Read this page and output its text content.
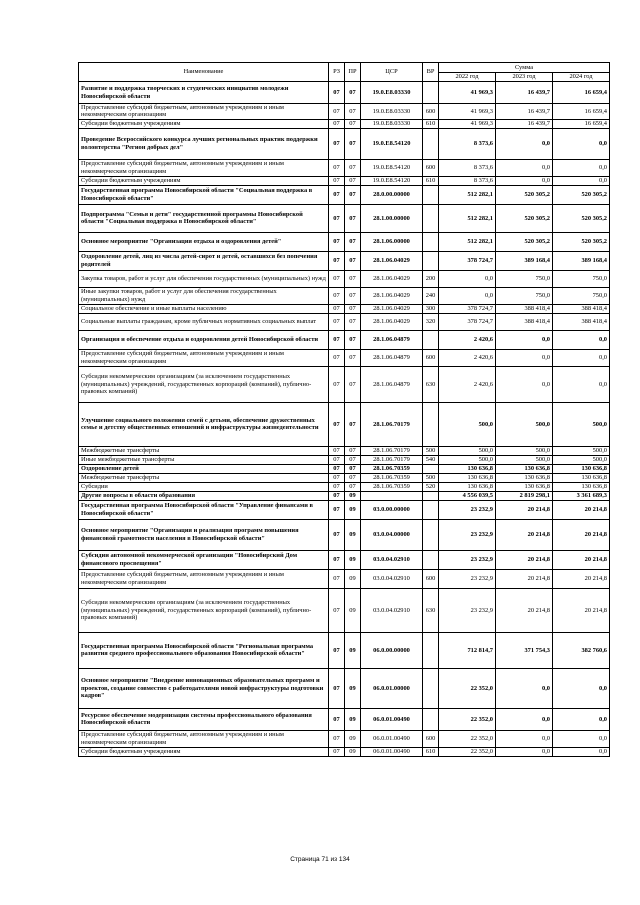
Наименование	РЗ	ПР	ЦСР	ВР	Сумма		
					2022 год	2023 год	2024 год
Развитие и поддержка творческих и студенческих инициатив молодежи Новосибирской области	07	07	19.0.E8.03330		41 969,3	16 439,7	16 659,4
Предоставление субсидий бюджетным, автономным учреждениям и иным некоммерческим организациям	07	07	19.0.E8.03330	600	41 969,3	16 439,7	16 659,4
Субсидии бюджетным учреждениям	07	07	19.0.E8.03330	610	41 969,3	16 439,7	16 659,4
Проведение Всероссийского конкурса лучших региональных практик поддержки волонтерства "Регион добрых дел"	07	07	19.0.E8.54120		8 373,6	0,0	0,0
Предоставление субсидий бюджетным, автономным учреждениям и иным некоммерческим организациям	07	07	19.0.E8.54120	600	8 373,6	0,0	0,0
Субсидии бюджетным учреждениям	07	07	19.0.E8.54120	610	8 373,6	0,0	0,0
Государственная программа Новосибирской области "Социальная поддержка в Новосибирской области"	07	07	28.0.00.00000		512 282,1	520 305,2	520 305,2
Подпрограмма "Семья и дети" государственной программы Новосибирской области "Социальная поддержка в Новосибирской области"	07	07	28.1.00.00000		512 282,1	520 305,2	520 305,2
Основное мероприятие "Организация отдыха и оздоровления детей"	07	07	28.1.06.00000		512 282,1	520 305,2	520 305,2
Оздоровление детей, лиц из числа детей-сирот и детей, оставшихся без попечения родителей	07	07	28.1.06.04029		378 724,7	389 168,4	389 168,4
Закупка товаров, работ и услуг для обеспечения государственных (муниципальных) нужд	07	07	28.1.06.04029	200	0,0	750,0	750,0
Иные закупки товаров, работ и услуг для обеспечения государственных (муниципальных) нужд	07	07	28.1.06.04029	240	0,0	750,0	750,0
Социальное обеспечение и иные выплаты населению	07	07	28.1.06.04029	300	378 724,7	388 418,4	388 418,4
Социальные выплаты гражданам, кроме публичных нормативных социальных выплат	07	07	28.1.06.04029	320	378 724,7	388 418,4	388 418,4
Организация и обеспечение отдыха и оздоровления детей Новосибирской области	07	07	28.1.06.04879		2 420,6	0,0	0,0
Предоставление субсидий бюджетным, автономным учреждениям и иным некоммерческим организациям	07	07	28.1.06.04879	600	2 420,6	0,0	0,0
Субсидии некоммерческим организациям (за исключением государственных (муниципальных) учреждений, государственных корпораций (компаний), публично-правовых компаний)	07	07	28.1.06.04879	630	2 420,6	0,0	0,0
Улучшение социального положения семей с детьми, обеспечение дружественных семье и детству общественных отношений и инфраструктуры жизнедеятельности	07	07	28.1.06.70179		500,0	500,0	500,0
Межбюджетные трансферты	07	07	28.1.06.70179	500	500,0	500,0	500,0
Иные межбюджетные трансферты	07	07	28.1.06.70179	540	500,0	500,0	500,0
Оздоровление детей	07	07	28.1.06.70359		130 636,8	130 636,8	130 636,8
Межбюджетные трансферты	07	07	28.1.06.70359	500	130 636,8	130 636,8	130 636,8
Субсидии	07	07	28.1.06.70359	520	130 636,8	130 636,8	130 636,8
Другие вопросы в области образования	07	09			4 556 039,5	2 819 298,1	3 361 689,3
Государственная программа Новосибирской области "Управление финансами в Новосибирской области"	07	09	03.0.00.00000		23 232,9	20 214,8	20 214,8
Основное мероприятие "Организация и реализация программ повышения финансовой грамотности населения в Новосибирской области"	07	09	03.0.04.00000		23 232,9	20 214,8	20 214,8
Субсидии автономной некоммерческой организации "Новосибирский Дом финансового просвещения"	07	09	03.0.04.02910		23 232,9	20 214,8	20 214,8
Предоставление субсидий бюджетным, автономным учреждениям и иным некоммерческим организациям	07	09	03.0.04.02910	600	23 232,9	20 214,8	20 214,8
Субсидии некоммерческим организациям (за исключением государственных (муниципальных) учреждений, государственных корпораций (компаний), публично-правовых компаний)	07	09	03.0.04.02910	630	23 232,9	20 214,8	20 214,8
Государственная программа Новосибирской области "Региональная программа развития среднего профессионального образования Новосибирской области"	07	09	06.0.00.00000		712 814,7	371 754,3	382 760,6
Основное мероприятие "Внедрение инновационных образовательных программ и проектов, создание совместно с работодателями новой инфраструктуры подготовки кадров"	07	09	06.0.01.00000		22 352,0	0,0	0,0
Ресурсное обеспечение модернизации системы профессионального образования Новосибирской области	07	09	06.0.01.00490		22 352,0	0,0	0,0
Предоставление субсидий бюджетным, автономным учреждениям и иным некоммерческим организациям	07	09	06.0.01.00490	600	22 352,0	0,0	0,0
Субсидии бюджетным учреждениям	07	09	06.0.01.00490	610	22 352,0	0,0	0,0
Страница 71 из 134
